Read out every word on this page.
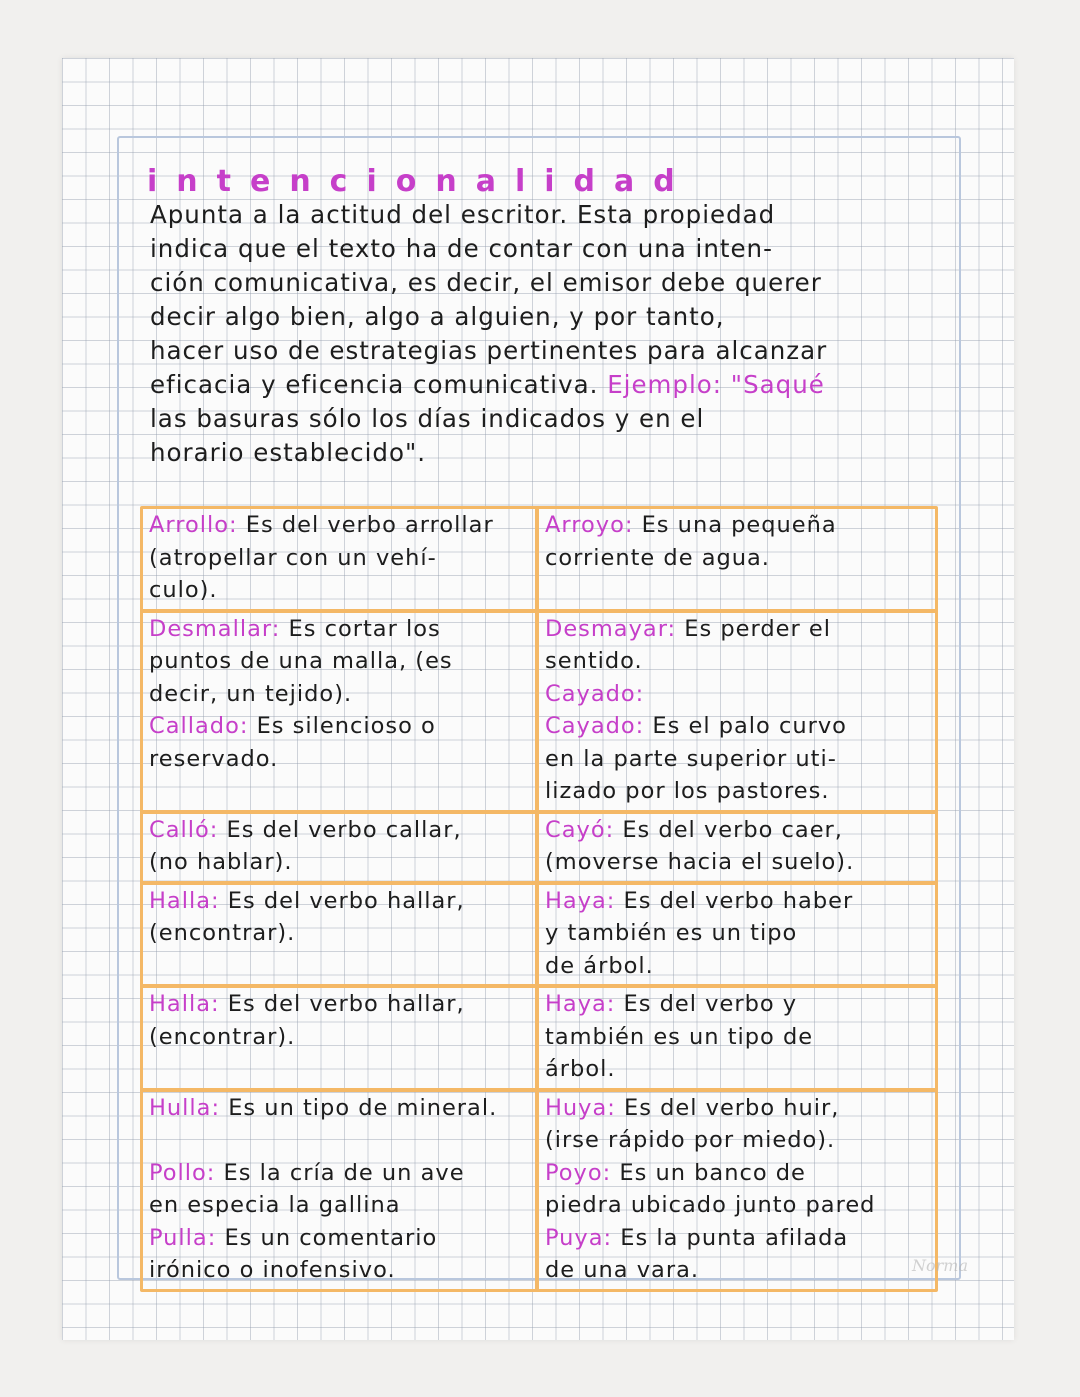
intencionalidad

Apunta a la actitud del escritor. Esta propiedad
indica que el texto ha de contar con una inten-
ción comunicativa, es decir, el emisor debe querer
decir algo bien, algo a alguien, y por tanto,
hacer uso de estrategias pertinentes para alcanzar
eficacia y eficencia comunicativa. Ejemplo: "Saqué
las basuras sólo los días indicados y en el
horario establecido".

Arrollo: Es del verbo arrollar
(atropellar con un vehí-
culo).

Arroyo: Es una pequeña
corriente de agua.

Desmallar: Es cortar los
puntos de una malla, (es
decir, un tejido).
Callado: Es silencioso o
reservado.

Desmayar: Es perder el
sentido.
Cayado:
Cayado: Es el palo curvo
en la parte superior uti-
lizado por los pastores.

Calló: Es del verbo callar,
(no hablar).

Cayó: Es del verbo caer,
(moverse hacia el suelo).

Halla: Es del verbo hallar,
(encontrar).

Haya: Es del verbo haber
y también es un tipo
de árbol.

Halla: Es del verbo hallar,
(encontrar).

Haya: Es del verbo y
también es un tipo de
árbol.

Hulla: Es un tipo de mineral.

Pollo: Es la cría de un ave
en especia la gallina
Pulla: Es un comentario
irónico o inofensivo.

Huya: Es del verbo huir,
(irse rápido por miedo).
Poyo: Es un banco de
piedra ubicado junto pared
Puya: Es la punta afilada
de una vara.	Norma
